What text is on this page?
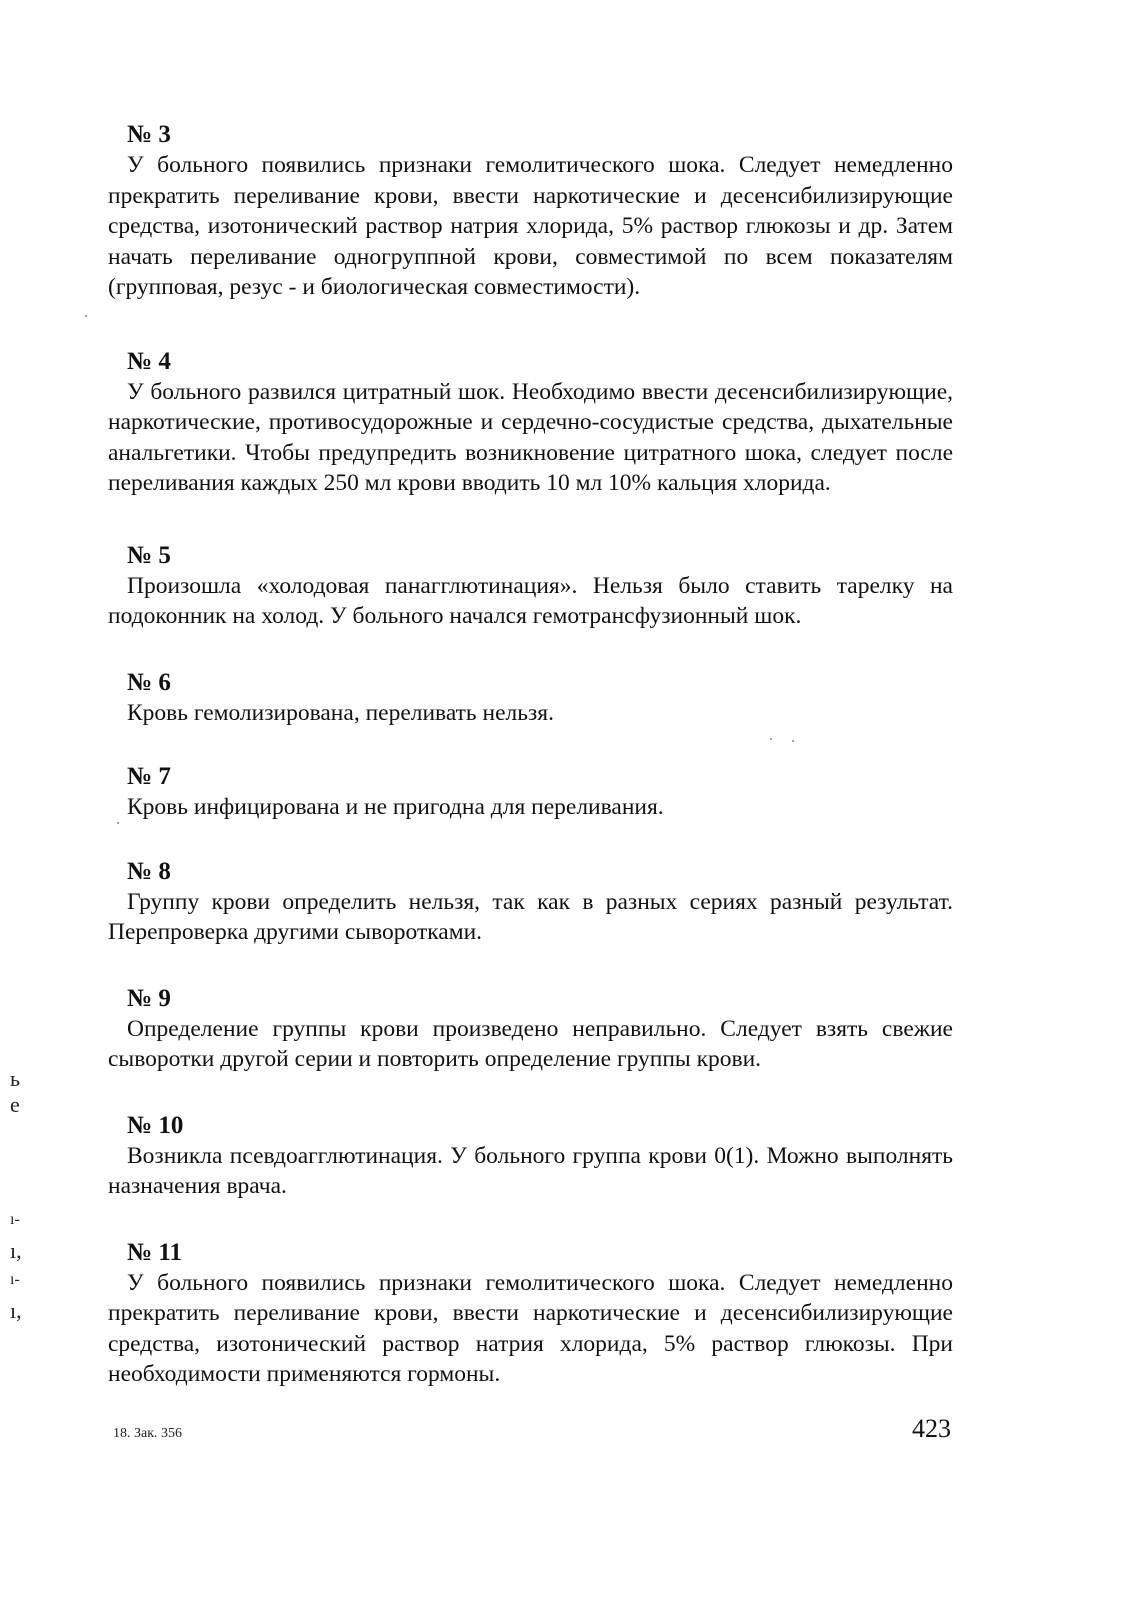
№ 3

У больного появились признаки гемолитического шока. Следует немедленно прекратить переливание крови, ввести наркотические и десенсибилизирующие средства, изотонический раствор натрия хлорида, 5% раствор глюкозы и др. Затем начать переливание одногруппной крови, совместимой по всем показателям (групповая, резус - и биологическая совместимости).

№ 4

У больного развился цитратный шок. Необходимо ввести десенсибилизирующие, наркотические, противосудорожные и сердечно-сосудистые средства, дыхательные анальгетики. Чтобы предупредить возникновение цитратного шока, следует после переливания каждых 250 мл крови вводить 10 мл 10% кальция хлорида.

№ 5

Произошла «холодовая панагглютинация». Нельзя было ставить тарелку на подоконник на холод. У больного начался гемотрансфузионный шок.

№ 6

Кровь гемолизирована, переливать нельзя.

№ 7

Кровь инфицирована и не пригодна для переливания.

№ 8

Группу крови определить нельзя, так как в разных сериях разный результат. Перепроверка другими сыворотками.

№ 9

Определение группы крови произведено неправильно. Следует взять свежие сыворотки другой серии и повторить определение группы крови.

№ 10

Возникла псевдоагглютинация. У больного группа крови 0(1). Можно выполнять назначения врача.

№ 11

У больного появились признаки гемолитического шока. Следует немедленно прекратить переливание крови, ввести наркотические и десенсибилизирующие средства, изотонический раствор натрия хлорида, 5% раствор глюкозы. При необходимости применяются гормоны.

18. Зак. 356	423
ь
е
ı-
ı,
ı-
ı,
